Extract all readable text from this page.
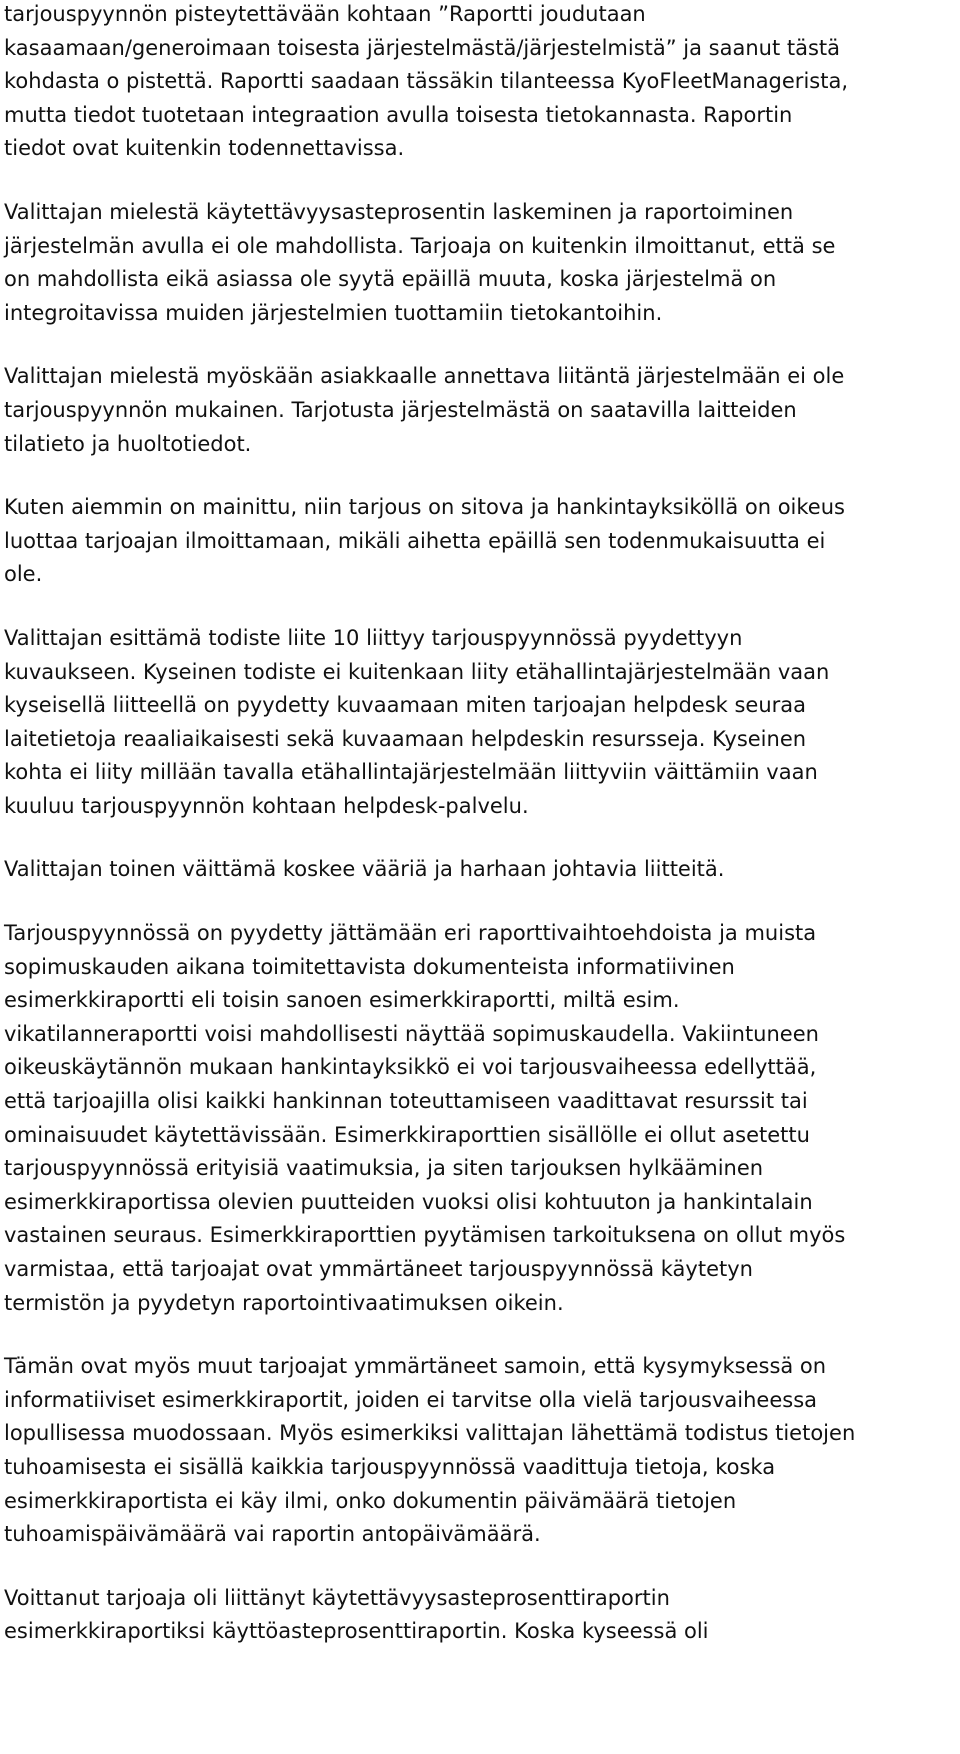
tarjouspyynnön pisteytettävään kohtaan ”Raportti joudutaan
kasaamaan/generoimaan toisesta järjestelmästä/järjestelmistä” ja saanut tästä
kohdasta o pistettä. Raportti saadaan tässäkin tilanteessa KyoFleetManagerista,
mutta tiedot tuotetaan integraation avulla toisesta tietokannasta. Raportin
tiedot ovat kuitenkin todennettavissa.
Valittajan mielestä käytettävyysasteprosentin laskeminen ja raportoiminen
järjestelmän avulla ei ole mahdollista. Tarjoaja on kuitenkin ilmoittanut, että se
on mahdollista eikä asiassa ole syytä epäillä muuta, koska järjestelmä on
integroitavissa muiden järjestelmien tuottamiin tietokantoihin.
Valittajan mielestä myöskään asiakkaalle annettava liitäntä järjestelmään ei ole
tarjouspyynnön mukainen. Tarjotusta järjestelmästä on saatavilla laitteiden
tilatieto ja huoltotiedot.
Kuten aiemmin on mainittu, niin tarjous on sitova ja hankintayksiköllä on oikeus
luottaa tarjoajan ilmoittamaan, mikäli aihetta epäillä sen todenmukaisuutta ei
ole.
Valittajan esittämä todiste liite 10 liittyy tarjouspyynnössä pyydettyyn
kuvaukseen. Kyseinen todiste ei kuitenkaan liity etähallintajärjestelmään vaan
kyseisellä liitteellä on pyydetty kuvaamaan miten tarjoajan helpdesk seuraa
laitetietoja reaaliaikaisesti sekä kuvaamaan helpdeskin resursseja. Kyseinen
kohta ei liity millään tavalla etähallintajärjestelmään liittyviin väittämiin vaan
kuuluu tarjouspyynnön kohtaan helpdesk-palvelu.
Valittajan toinen väittämä koskee vääriä ja harhaan johtavia liitteitä.
Tarjouspyynnössä on pyydetty jättämään eri raporttivaihtoehdoista ja muista
sopimuskauden aikana toimitettavista dokumenteista informatiivinen
esimerkkiraportti eli toisin sanoen esimerkkiraportti, miltä esim.
vikatilanneraportti voisi mahdollisesti näyttää sopimuskaudella. Vakiintuneen
oikeuskäytännön mukaan hankintayksikkö ei voi tarjousvaiheessa edellyttää,
että tarjoajilla olisi kaikki hankinnan toteuttamiseen vaadittavat resurssit tai
ominaisuudet käytettävissään. Esimerkkiraporttien sisällölle ei ollut asetettu
tarjouspyynnössä erityisiä vaatimuksia, ja siten tarjouksen hylkääminen
esimerkkiraportissa olevien puutteiden vuoksi olisi kohtuuton ja hankintalain
vastainen seuraus. Esimerkkiraporttien pyytämisen tarkoituksena on ollut myös
varmistaa, että tarjoajat ovat ymmärtäneet tarjouspyynnössä käytetyn
termistön ja pyydetyn raportointivaatimuksen oikein.
Tämän ovat myös muut tarjoajat ymmärtäneet samoin, että kysymyksessä on
informatiiviset esimerkkiraportit, joiden ei tarvitse olla vielä tarjousvaiheessa
lopullisessa muodossaan. Myös esimerkiksi valittajan lähettämä todistus tietojen
tuhoamisesta ei sisällä kaikkia tarjouspyynnössä vaadittuja tietoja, koska
esimerkkiraportista ei käy ilmi, onko dokumentin päivämäärä tietojen
tuhoamispäivämäärä vai raportin antopäivämäärä.
Voittanut tarjoaja oli liittänyt käytettävyysasteprosenttiraportin
esimerkkiraportiksi käyttöasteprosenttiraportin. Koska kyseessä oli
